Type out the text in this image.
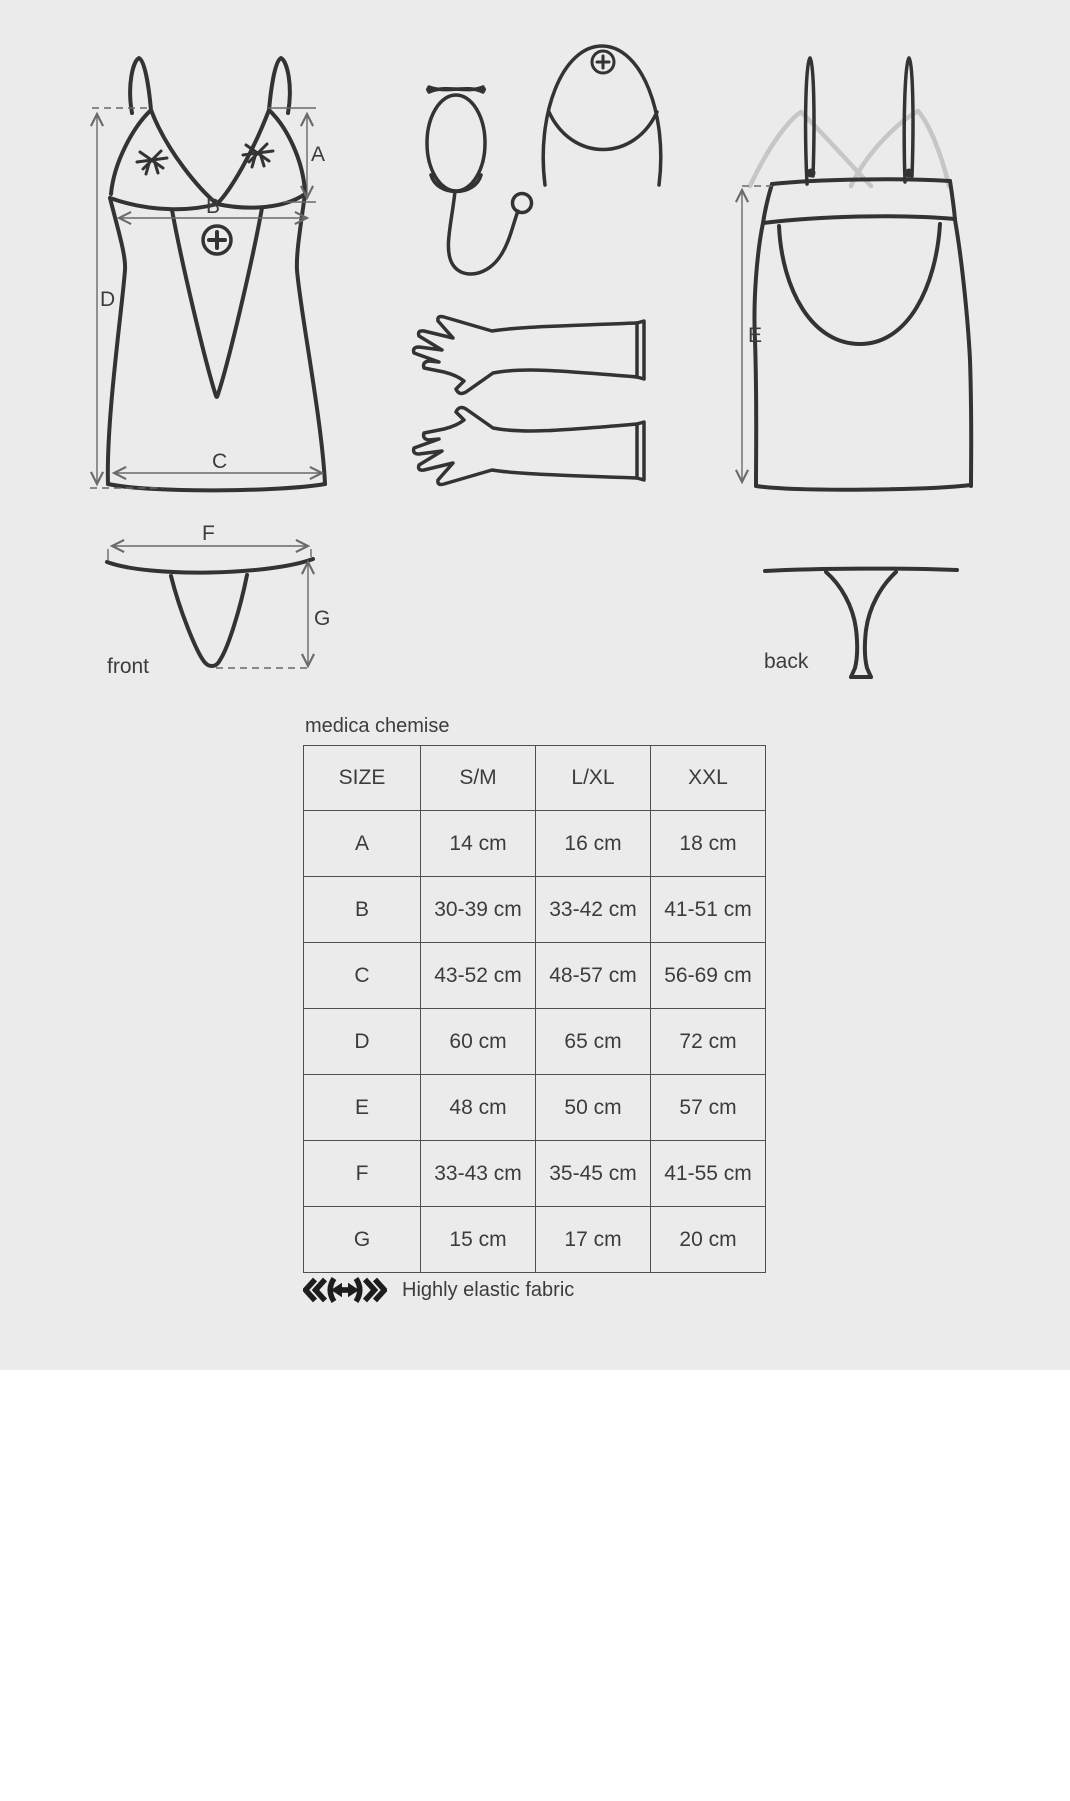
A
B
C
D
E
F
G
front	back
medica chemise
SIZE	S/M	L/XL	XXL
A	14 cm	16 cm	18 cm
B	30-39 cm	33-42 cm	41-51 cm
C	43-52 cm	48-57 cm	56-69 cm
D	60 cm	65 cm	72 cm
E	48 cm	50 cm	57 cm
F	33-43 cm	35-45 cm	41-55 cm
G	15 cm	17 cm	20 cm
Highly elastic fabric
